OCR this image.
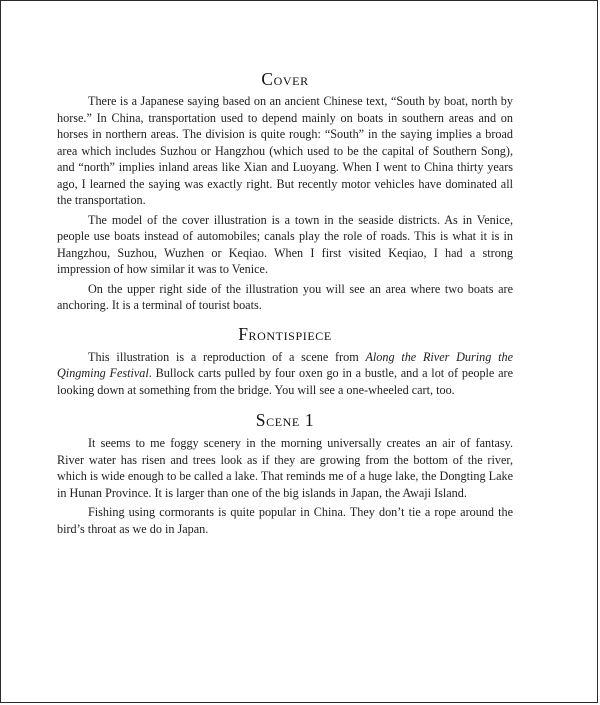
Cover

There is a Japanese saying based on an ancient Chinese text, “South by boat, north by horse.” In China, transportation used to depend mainly on boats in southern areas and on horses in northern areas. The division is quite rough: “South” in the saying implies a broad area which includes Suzhou or Hangzhou (which used to be the capital of Southern Song), and “north” implies inland areas like Xian and Luoyang. When I went to China thirty years ago, I learned the saying was exactly right. But recently motor vehicles have dominated all the transportation.

The model of the cover illustration is a town in the seaside districts. As in Venice, people use boats instead of automobiles; canals play the role of roads. This is what it is in Hangzhou, Suzhou, Wuzhen or Keqiao. When I first visited Keqiao, I had a strong impression of how similar it was to Venice.

On the upper right side of the illustration you will see an area where two boats are anchoring. It is a terminal of tourist boats.

Frontispiece

This illustration is a reproduction of a scene from Along the River During the Qingming Festival. Bullock carts pulled by four oxen go in a bustle, and a lot of people are looking down at something from the bridge. You will see a one-wheeled cart, too.

Scene 1

It seems to me foggy scenery in the morning universally creates an air of fantasy. River water has risen and trees look as if they are growing from the bottom of the river, which is wide enough to be called a lake. That reminds me of a huge lake, the Dongting Lake in Hunan Province. It is larger than one of the big islands in Japan, the Awaji Island.

Fishing using cormorants is quite popular in China. They don’t tie a rope around the bird’s throat as we do in Japan.
